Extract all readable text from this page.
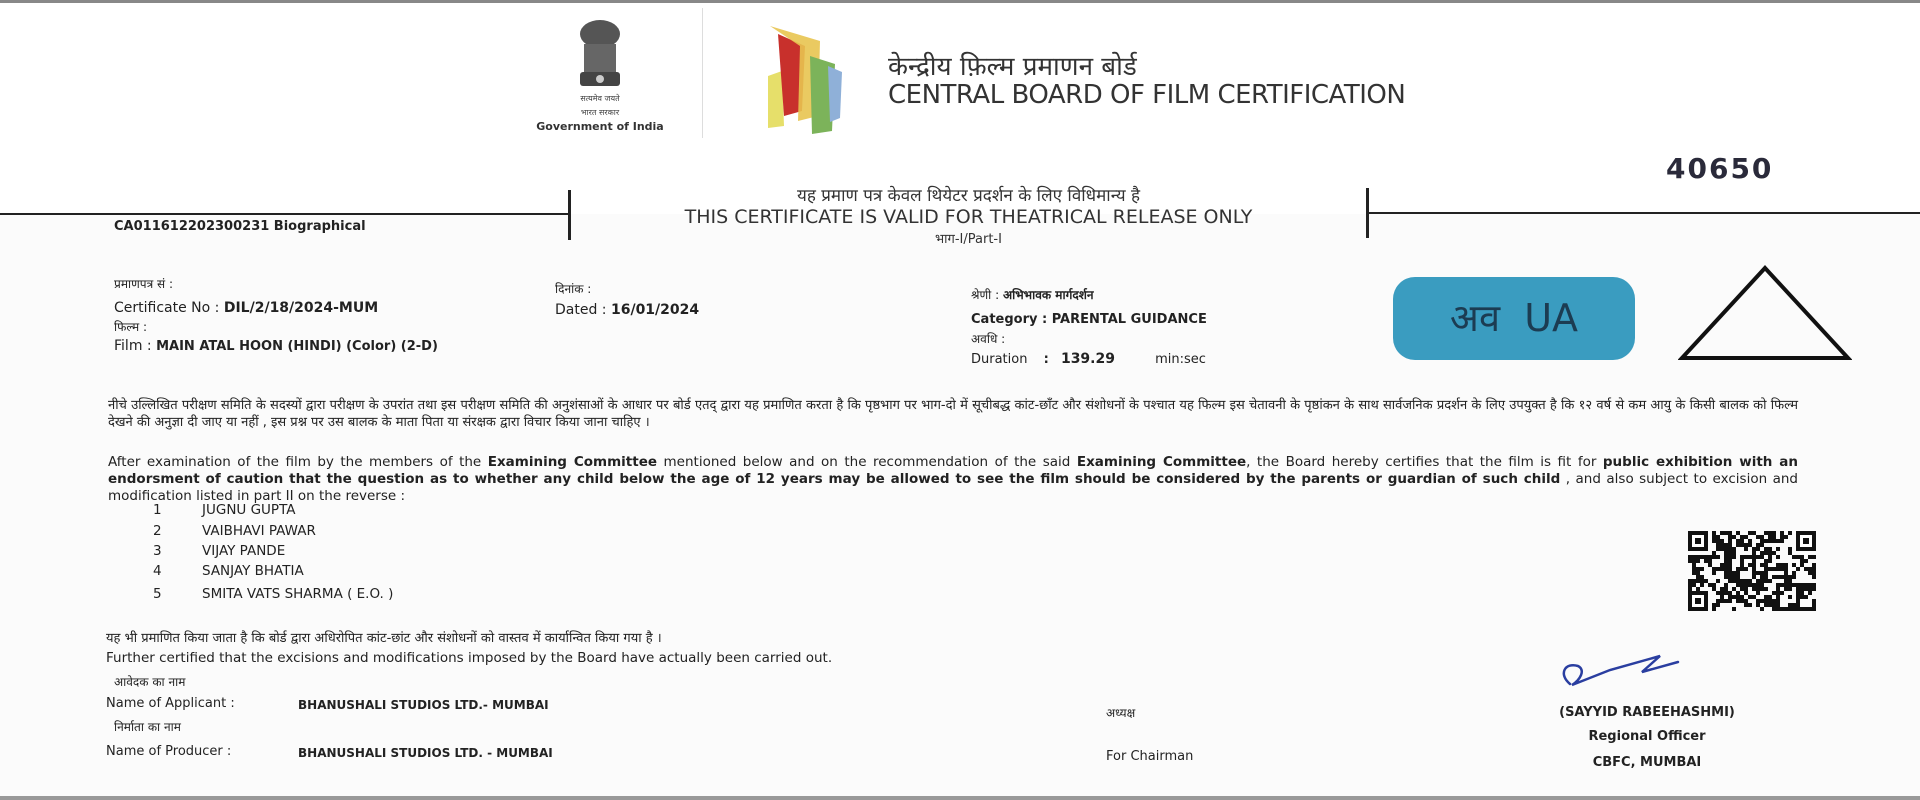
सत्यमेव जयते
भारत सरकार
Government of India
केन्द्रीय फ़िल्म प्रमाणन बोर्ड
CENTRAL BOARD OF FILM CERTIFICATION
40650
यह प्रमाण पत्र केवल थियेटर प्रदर्शन के लिए विधिमान्य है
THIS CERTIFICATE IS VALID FOR THEATRICAL RELEASE ONLY
भाग-I/Part-I
CA011612202300231 Biographical
प्रमाणपत्र सं :
Certificate No : DIL/2/18/2024-MUM
फिल्म :
Film : MAIN ATAL HOON (HINDI) (Color) (2-D)
दिनांक :
Dated : 16/01/2024
श्रेणी : अभिभावक मार्गदर्शन
Category : PARENTAL GUIDANCE
अवधि :
Duration : 139.29	min:sec
अव  UA
नीचे उल्लिखित परीक्षण समिति के सदस्यों द्वारा परीक्षण के उपरांत तथा इस परीक्षण समिति की अनुशंसाओं के आधार पर बोर्ड एतद् द्वारा यह प्रमाणित करता है कि पृष्ठभाग पर भाग-दो में सूचीबद्ध कांट-छाँट और संशोधनों के पश्चात यह फिल्म इस चेतावनी के पृष्ठांकन के साथ सार्वजनिक प्रदर्शन के लिए उपयुक्त है कि १२ वर्ष से कम आयु के किसी बालक को फिल्म देखने की अनुज्ञा दी जाए या नहीं , इस प्रश्न पर उस बालक के माता पिता या संरक्षक द्वारा विचार किया जाना चाहिए ।
After examination of the film by the members of the Examining Committee mentioned below and on the recommendation of the said Examining Committee, the Board hereby certifies that the film is fit for public exhibition with an endorsment of caution that the question as to whether any child below the age of 12 years may be allowed to see the film should be considered by the parents or guardian of such child , and also subject to excision and modification listed in part II on the reverse :
1	JUGNU GUPTA
2	VAIBHAVI PAWAR
3	VIJAY PANDE
4	SANJAY BHATIA
5	SMITA VATS SHARMA ( E.O. )
यह भी प्रमाणित किया जाता है कि बोर्ड द्वारा अधिरोपित कांट-छांट और संशोधनों को वास्तव में कार्यान्वित किया गया है ।
Further certified that the excisions and modifications imposed by the Board have actually been carried out.
आवेदक का नाम
Name of Applicant :	BHANUSHALI STUDIOS LTD.- MUMBAI
निर्माता का नाम
Name of Producer :	BHANUSHALI STUDIOS LTD. - MUMBAI
अध्यक्ष
For Chairman
(SAYYID RABEEHASHMI)
Regional Officer
CBFC, MUMBAI
